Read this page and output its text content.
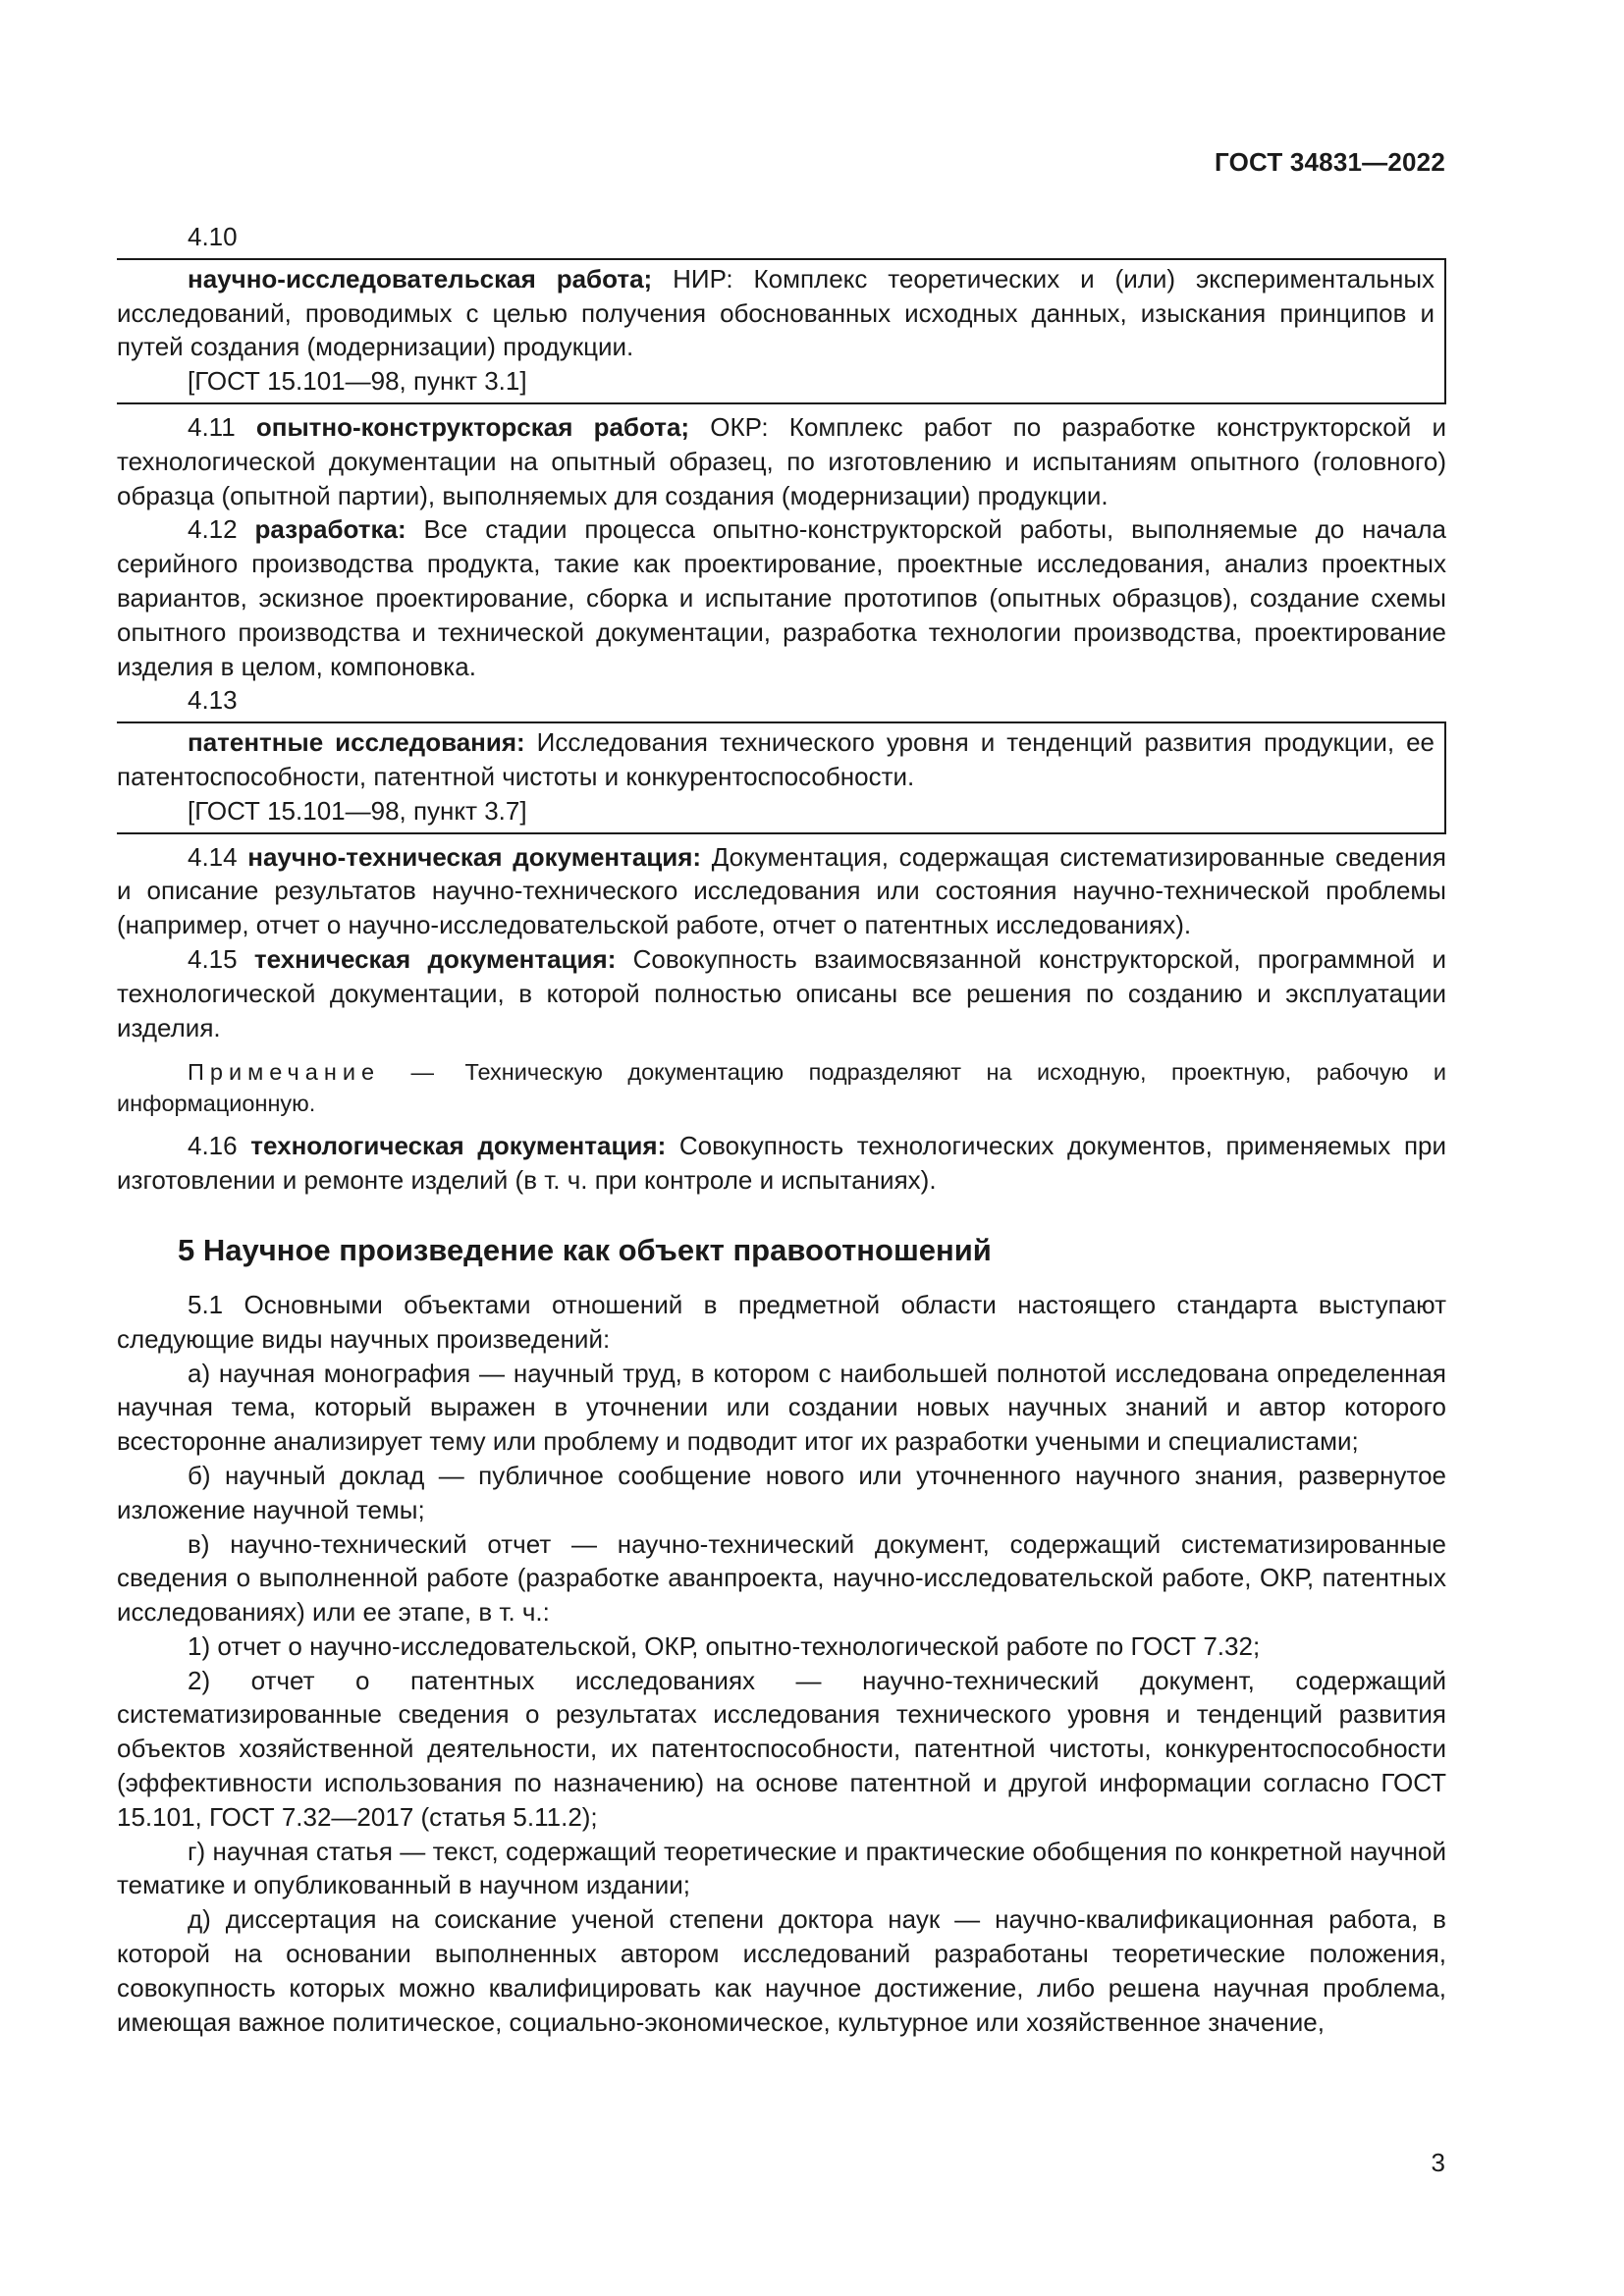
ГОСТ 34831—2022

4.10

научно-исследовательская работа; НИР: Комплекс теоретических и (или) экспериментальных исследований, проводимых с целью получения обоснованных исходных данных, изыскания принципов и путей создания (модернизации) продукции.

[ГОСТ 15.101—98, пункт 3.1]

4.11 опытно-конструкторская работа; ОКР: Комплекс работ по разработке конструкторской и технологической документации на опытный образец, по изготовлению и испытаниям опытного (головного) образца (опытной партии), выполняемых для создания (модернизации) продукции.

4.12 разработка: Все стадии процесса опытно-конструкторской работы, выполняемые до начала серийного производства продукта, такие как проектирование, проектные исследования, анализ проектных вариантов, эскизное проектирование, сборка и испытание прототипов (опытных образцов), создание схемы опытного производства и технической документации, разработка технологии производства, проектирование изделия в целом, компоновка.

4.13

патентные исследования: Исследования технического уровня и тенденций развития продукции, ее патентоспособности, патентной чистоты и конкурентоспособности.

[ГОСТ 15.101—98, пункт 3.7]

4.14 научно-техническая документация: Документация, содержащая систематизированные сведения и описание результатов научно-технического исследования или состояния научно-технической проблемы (например, отчет о научно-исследовательской работе, отчет о патентных исследованиях).

4.15 техническая документация: Совокупность взаимосвязанной конструкторской, программной и технологической документации, в которой полностью описаны все решения по созданию и эксплуатации изделия.

Примечание — Техническую документацию подразделяют на исходную, проектную, рабочую и информационную.

4.16 технологическая документация: Совокупность технологических документов, применяемых при изготовлении и ремонте изделий (в т. ч. при контроле и испытаниях).

5 Научное произведение как объект правоотношений

5.1 Основными объектами отношений в предметной области настоящего стандарта выступают следующие виды научных произведений:

а) научная монография — научный труд, в котором с наибольшей полнотой исследована определенная научная тема, который выражен в уточнении или создании новых научных знаний и автор которого всесторонне анализирует тему или проблему и подводит итог их разработки учеными и специалистами;

б) научный доклад — публичное сообщение нового или уточненного научного знания, развернутое изложение научной темы;

в) научно-технический отчет — научно-технический документ, содержащий систематизированные сведения о выполненной работе (разработке аванпроекта, научно-исследовательской работе, ОКР, патентных исследованиях) или ее этапе, в т. ч.:

1) отчет о научно-исследовательской, ОКР, опытно-технологической работе по ГОСТ 7.32;

2) отчет о патентных исследованиях — научно-технический документ, содержащий систематизированные сведения о результатах исследования технического уровня и тенденций развития объектов хозяйственной деятельности, их патентоспособности, патентной чистоты, конкурентоспособности (эффективности использования по назначению) на основе патентной и другой информации согласно ГОСТ 15.101, ГОСТ 7.32—2017 (статья 5.11.2);

г) научная статья — текст, содержащий теоретические и практические обобщения по конкретной научной тематике и опубликованный в научном издании;

д) диссертация на соискание ученой степени доктора наук — научно-квалификационная работа, в которой на основании выполненных автором исследований разработаны теоретические положения, совокупность которых можно квалифицировать как научное достижение, либо решена научная проблема, имеющая важное политическое, социально-экономическое, культурное или хозяйственное значение,

3
